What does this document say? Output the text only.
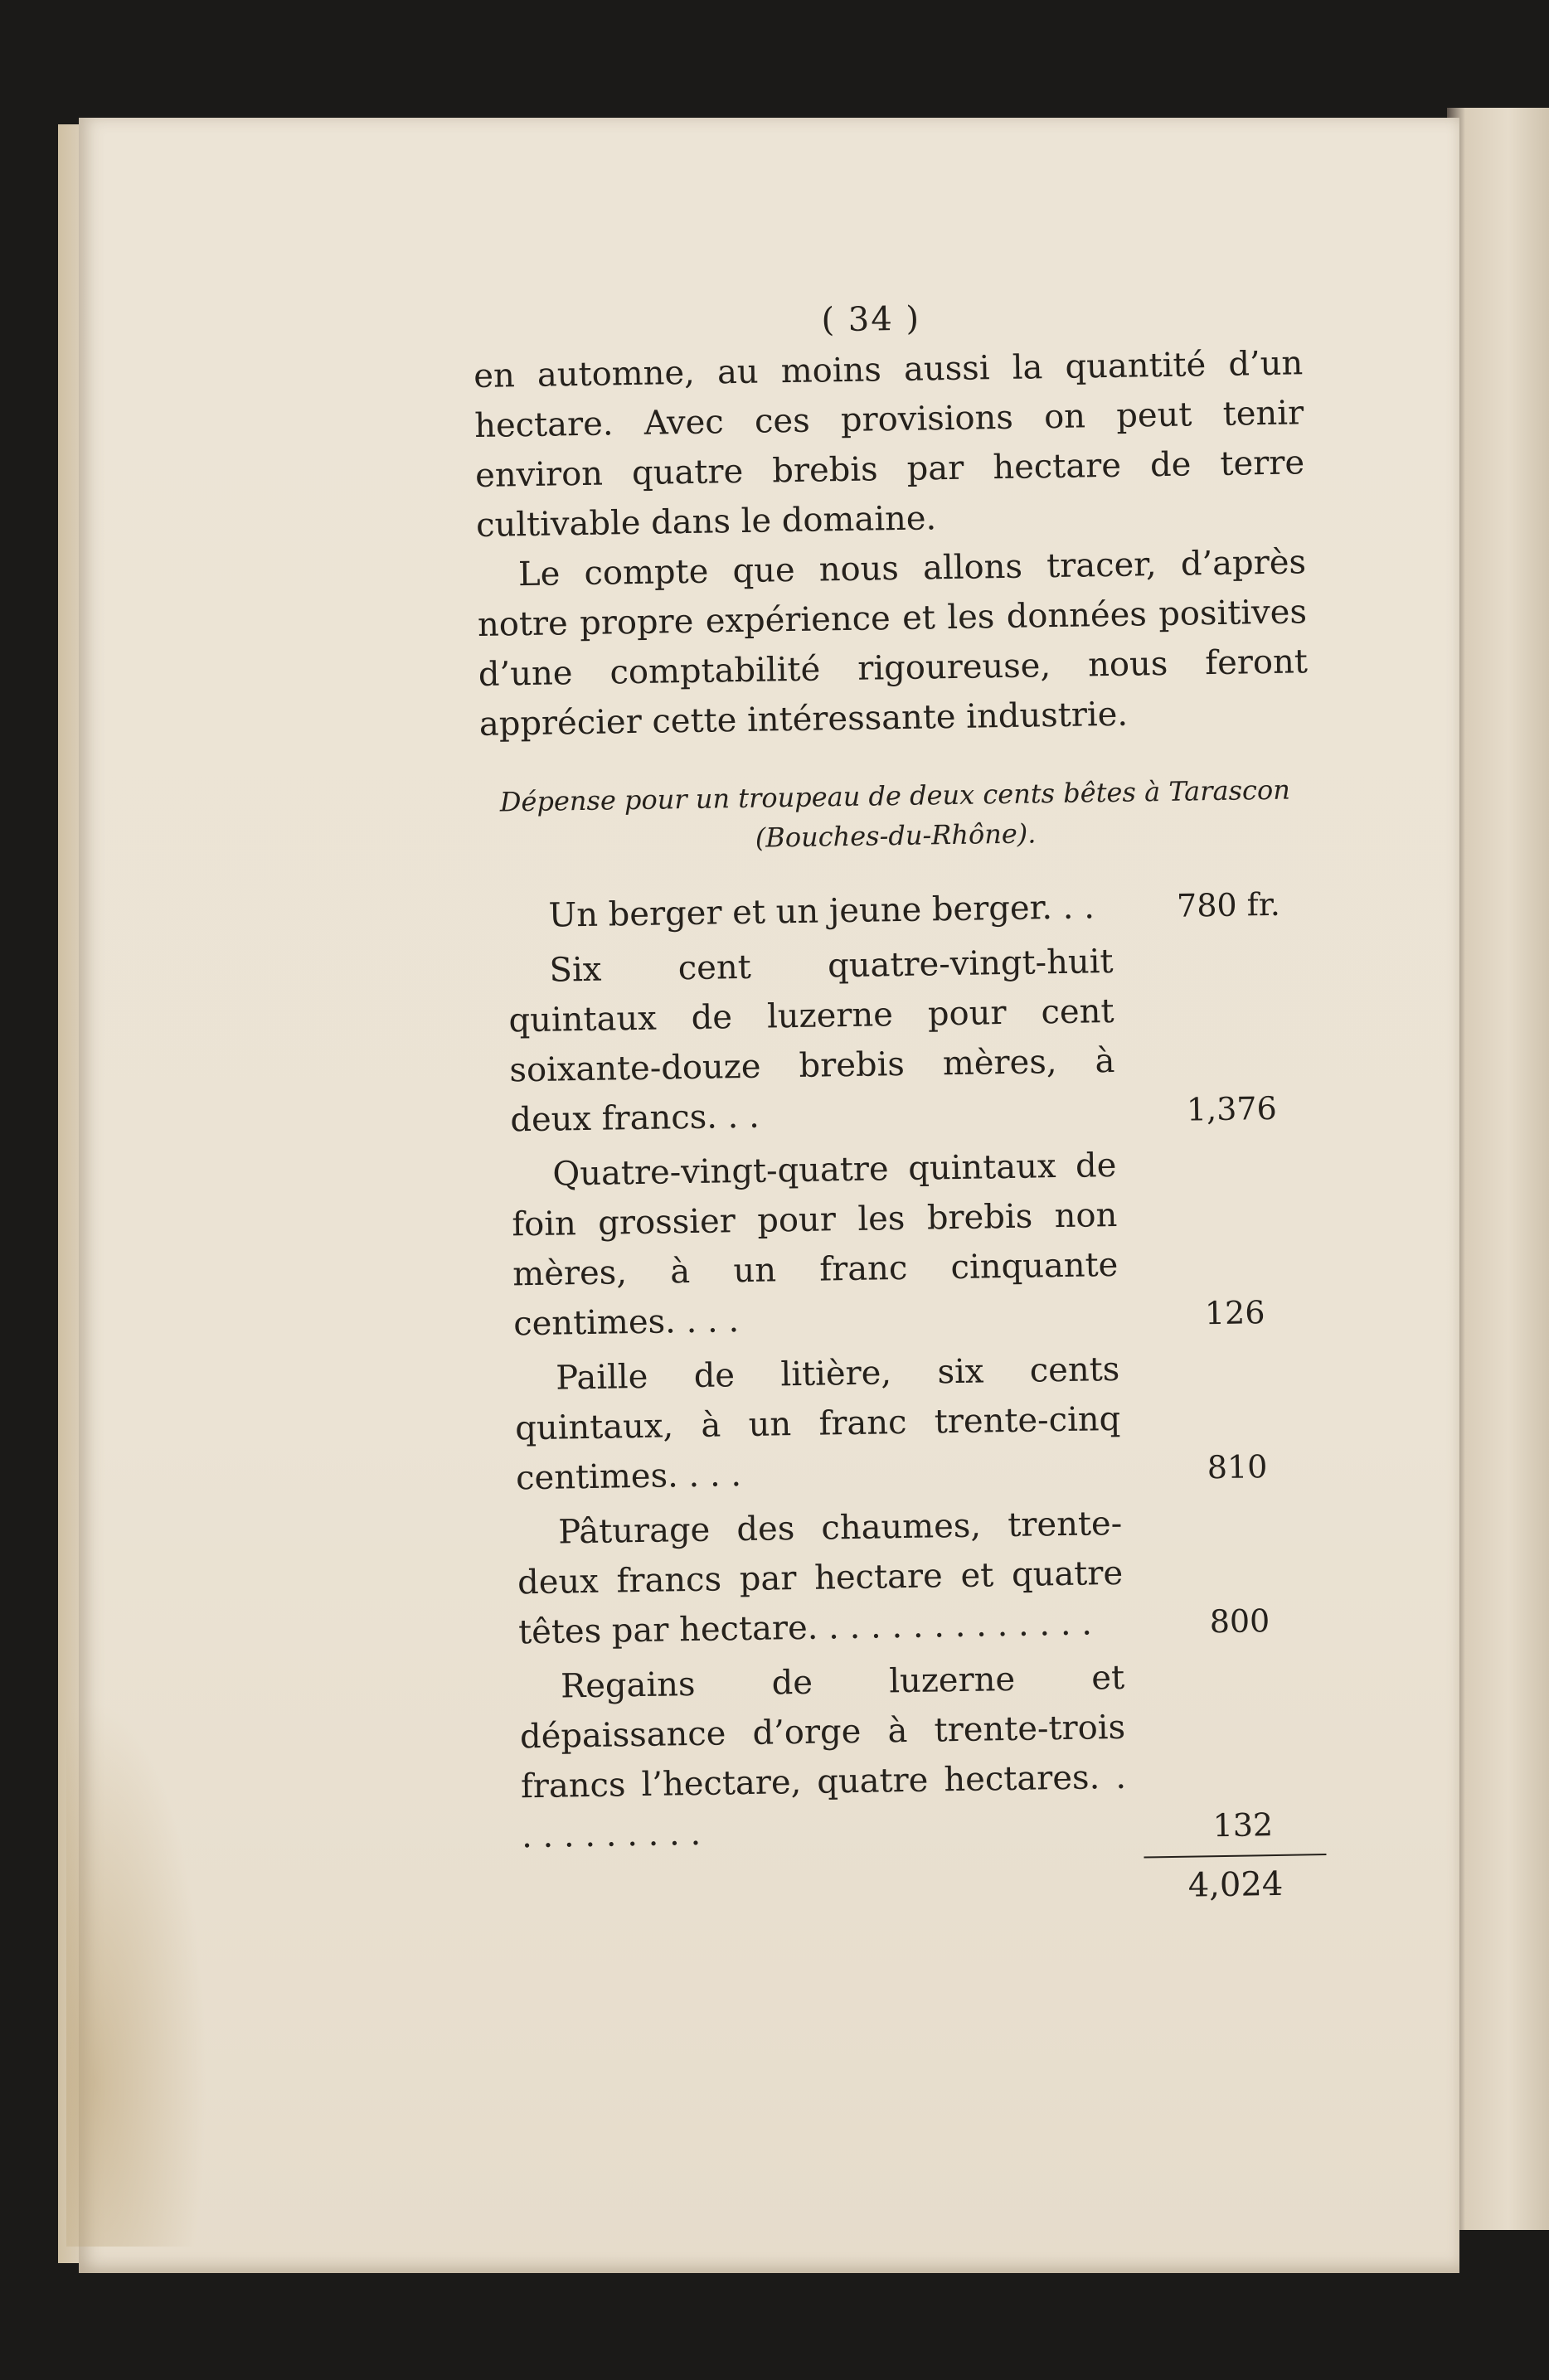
( 34 )

en automne, au moins aussi la quantité d’un hectare. Avec ces provisions on peut tenir environ quatre brebis par hectare de terre cultivable dans le domaine.

Le compte que nous allons tracer, d’après notre propre expérience et les données positives d’une comptabilité rigoureuse, nous feront apprécier cette intéressante industrie.

Dépense pour un troupeau de deux cents bêtes à Tarascon (Bouches-du-Rhône).
Un berger et un jeune berger. . .	780 fr.
Six cent quatre-vingt-huit quintaux de luzerne pour cent soixante-douze brebis mères, à deux francs. . .	1,376
Quatre-vingt-quatre quintaux de foin grossier pour les brebis non mères, à un franc cinquante centimes. . . .	126
Paille de litière, six cents quintaux, à un franc trente-cinq centimes. . . .	810
Pâturage des chaumes, trente-deux francs par hectare et quatre têtes par hectare. . . . . . . . . . . . . .	800
Regains de luzerne et dépaissance d’orge à trente-trois francs l’hectare, quatre hectares. . . . . . . . . . .	132
4,024
